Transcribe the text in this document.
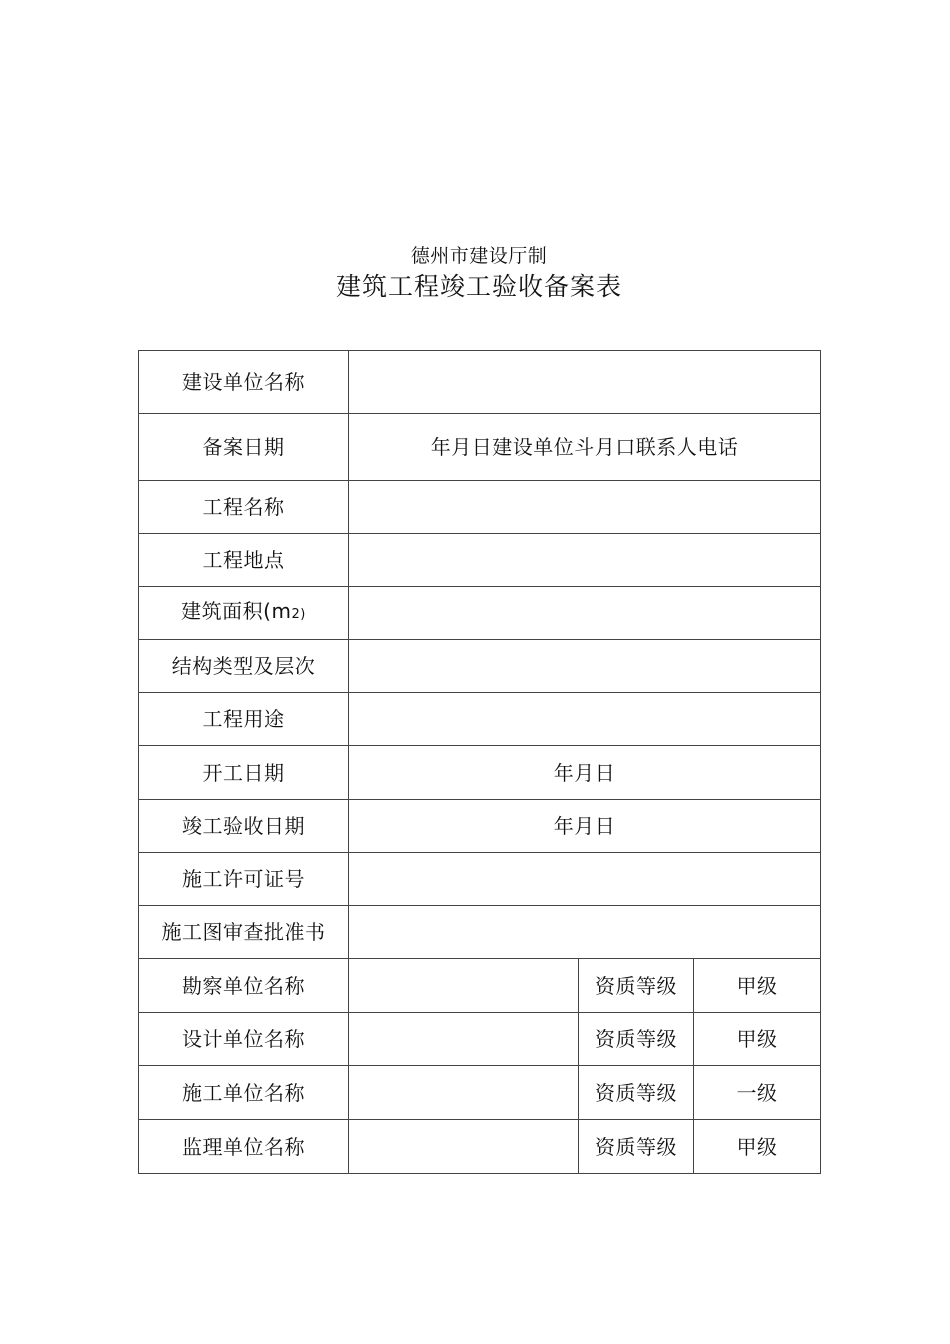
德州市建设厅制
建筑工程竣工验收备案表
建设单位名称			
备案日期	年月日建设单位斗月口联系人电话		
工程名称			
工程地点			
建筑面积(m2)			
结构类型及层次			
工程用途			
开工日期	年月日		
竣工验收日期	年月日		
施工许可证号			
施工图审查批准书			
勘察单位名称		资质等级	甲级
设计单位名称		资质等级	甲级
施工单位名称		资质等级	一级
监理单位名称		资质等级	甲级
